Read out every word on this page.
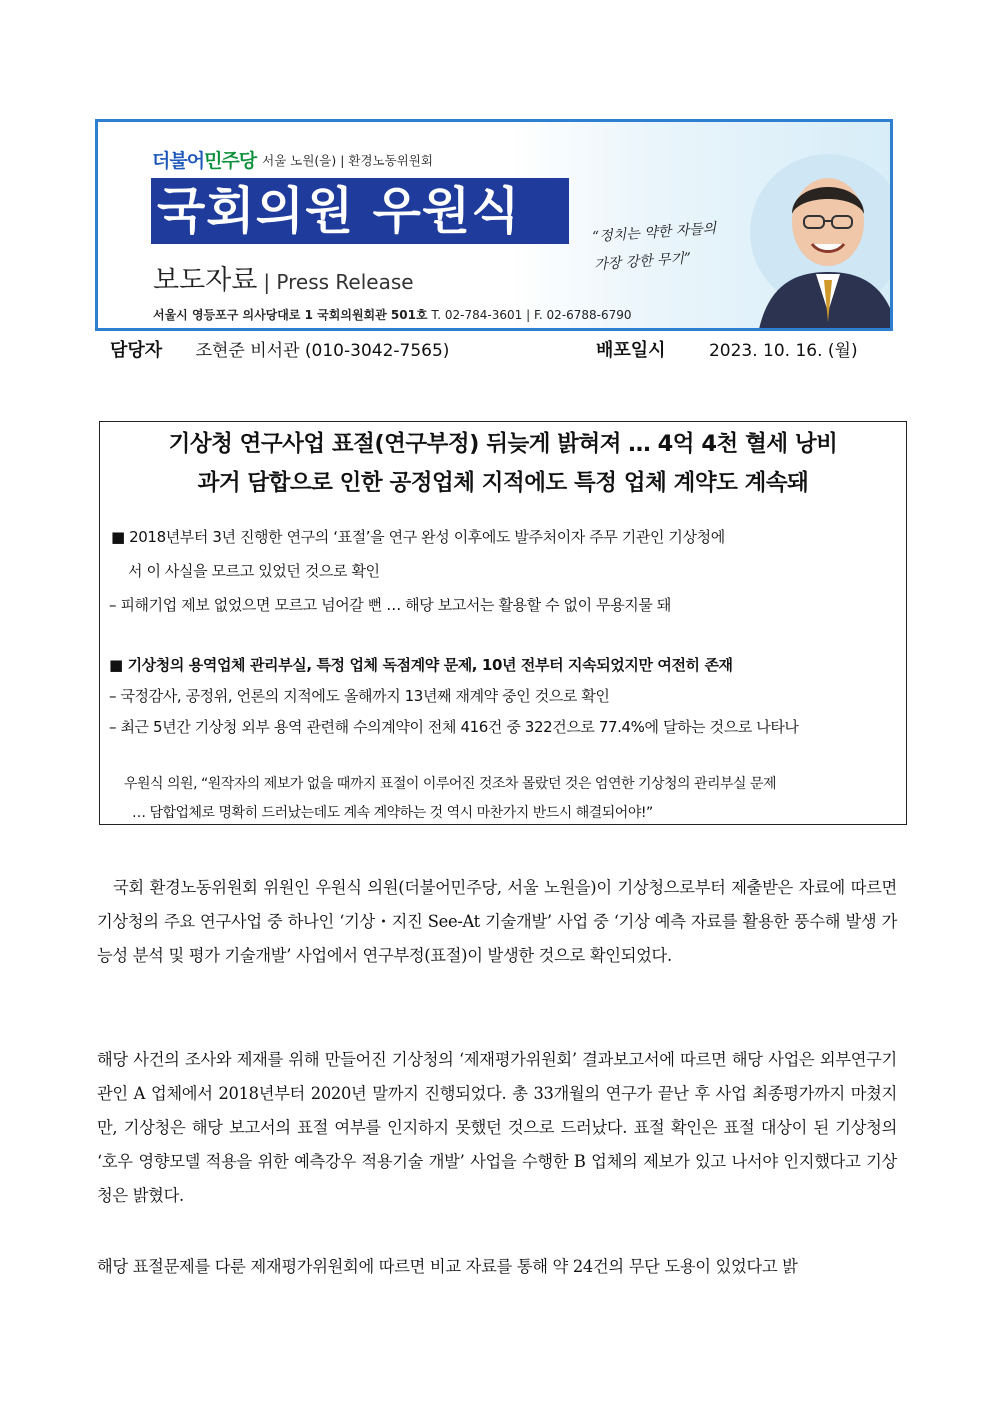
더불어민주당 서울 노원(을) | 환경노동위원회
국회의원 우원식
보도자료 | Press Release
서울시 영등포구 의사당대로 1 국회의원회관 501호 T. 02-784-3601 | F. 02-6788-6790
“정치는 약한 자들의
가장 강한 무기”
담당자 조현준 비서관 (010-3042-7565)	배포일시	2023. 10. 16. (월)
기상청 연구사업 표절(연구부정) 뒤늦게 밝혀져 … 4억 4천 혈세 낭비
과거 담합으로 인한 공정업체 지적에도 특정 업체 계약도 계속돼
■ 2018년부터 3년 진행한 연구의 ‘표절’을 연구 완성 이후에도 발주처이자 주무 기관인 기상청에
서 이 사실을 모르고 있었던 것으로 확인
– 피해기업 제보 없었으면 모르고 넘어갈 뻔 … 해당 보고서는 활용할 수 없이 무용지물 돼
■ 기상청의 용역업체 관리부실, 특정 업체 독점계약 문제, 10년 전부터 지속되었지만 여전히 존재
– 국정감사, 공정위, 언론의 지적에도 올해까지 13년째 재계약 중인 것으로 확인
– 최근 5년간 기상청 외부 용역 관련해 수의계약이 전체 416건 중 322건으로 77.4%에 달하는 것으로 나타나
우원식 의원, “원작자의 제보가 없을 때까지 표절이 이루어진 것조차 몰랐던 것은 엄연한 기상청의 관리부실 문제
… 담합업체로 명확히 드러났는데도 계속 계약하는 것 역시 마찬가지 반드시 해결되어야!”
국회 환경노동위원회 위원인 우원식 의원(더불어민주당, 서울 노원을)이 기상청으로부터 제출받은 자료에 따르면 기상청의 주요 연구사업 중 하나인 ‘기상・지진 See-At 기술개발’ 사업 중 ‘기상 예측 자료를 활용한 풍수해 발생 가능성 분석 및 평가 기술개발’ 사업에서 연구부정(표절)이 발생한 것으로 확인되었다.
해당 사건의 조사와 제재를 위해 만들어진 기상청의 ‘제재평가위원회’ 결과보고서에 따르면 해당 사업은 외부연구기관인 A 업체에서 2018년부터 2020년 말까지 진행되었다. 총 33개월의 연구가 끝난 후 사업 최종평가까지 마쳤지만, 기상청은 해당 보고서의 표절 여부를 인지하지 못했던 것으로 드러났다. 표절 확인은 표절 대상이 된 기상청의 ‘호우 영향모델 적용을 위한 예측강우 적용기술 개발’ 사업을 수행한 B 업체의 제보가 있고 나서야 인지했다고 기상청은 밝혔다.
해당 표절문제를 다룬 제재평가위원회에 따르면 비교 자료를 통해 약 24건의 무단 도용이 있었다고 밝
